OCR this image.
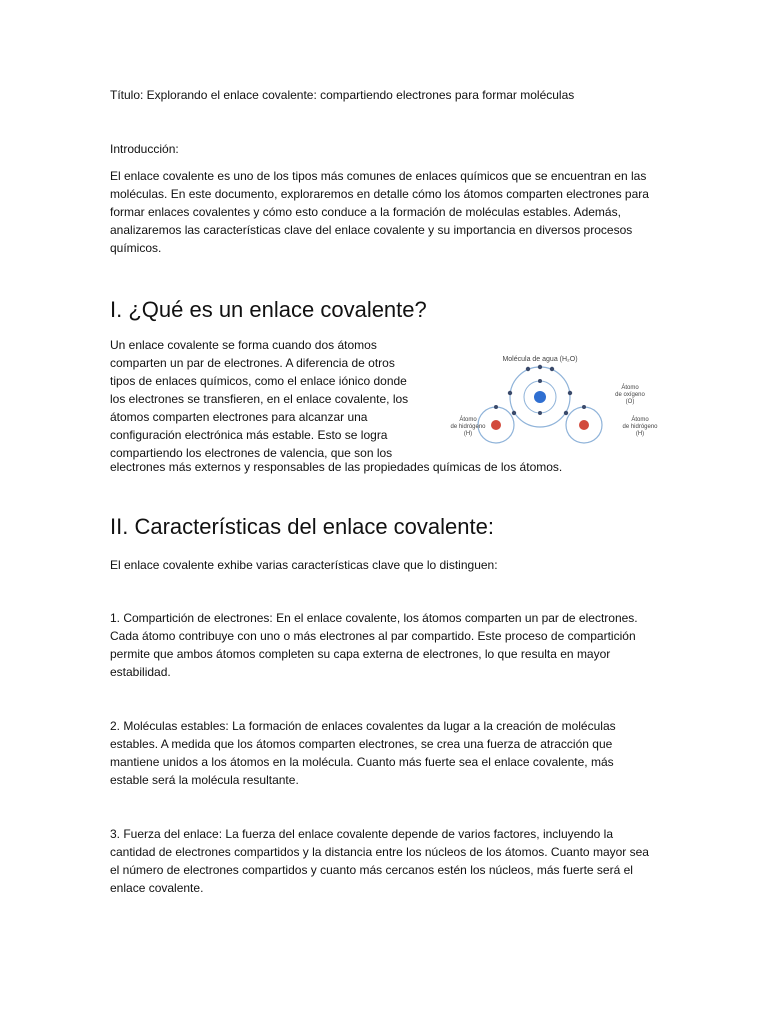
Título: Explorando el enlace covalente: compartiendo electrones para formar moléculas

Introducción:

El enlace covalente es uno de los tipos más comunes de enlaces químicos que se encuentran en las moléculas. En este documento, exploraremos en detalle cómo los átomos comparten electrones para formar enlaces covalentes y cómo esto conduce a la formación de moléculas estables. Además, analizaremos las características clave del enlace covalente y su importancia en diversos procesos químicos.

I. ¿Qué es un enlace covalente?

Un enlace covalente se forma cuando dos átomos comparten un par de electrones. A diferencia de otros tipos de enlaces químicos, como el enlace iónico donde los electrones se transfieren, en el enlace covalente, los átomos comparten electrones para alcanzar una configuración electrónica más estable. Esto se logra compartiendo los electrones de valencia, que son los

electrones más externos y responsables de las propiedades químicas de los átomos.

Molécula de agua (H₂O)
Átomo
de oxígeno
(O)
Átomo
de hidrógeno
(H)
Átomo
de hidrógeno
(H)
II. Características del enlace covalente:

El enlace covalente exhibe varias características clave que lo distinguen:

1. Compartición de electrones: En el enlace covalente, los átomos comparten un par de electrones. Cada átomo contribuye con uno o más electrones al par compartido. Este proceso de compartición permite que ambos átomos completen su capa externa de electrones, lo que resulta en mayor estabilidad.

2. Moléculas estables: La formación de enlaces covalentes da lugar a la creación de moléculas estables. A medida que los átomos comparten electrones, se crea una fuerza de atracción que mantiene unidos a los átomos en la molécula. Cuanto más fuerte sea el enlace covalente, más estable será la molécula resultante.

3. Fuerza del enlace: La fuerza del enlace covalente depende de varios factores, incluyendo la cantidad de electrones compartidos y la distancia entre los núcleos de los átomos. Cuanto mayor sea el número de electrones compartidos y cuanto más cercanos estén los núcleos, más fuerte será el enlace covalente.
